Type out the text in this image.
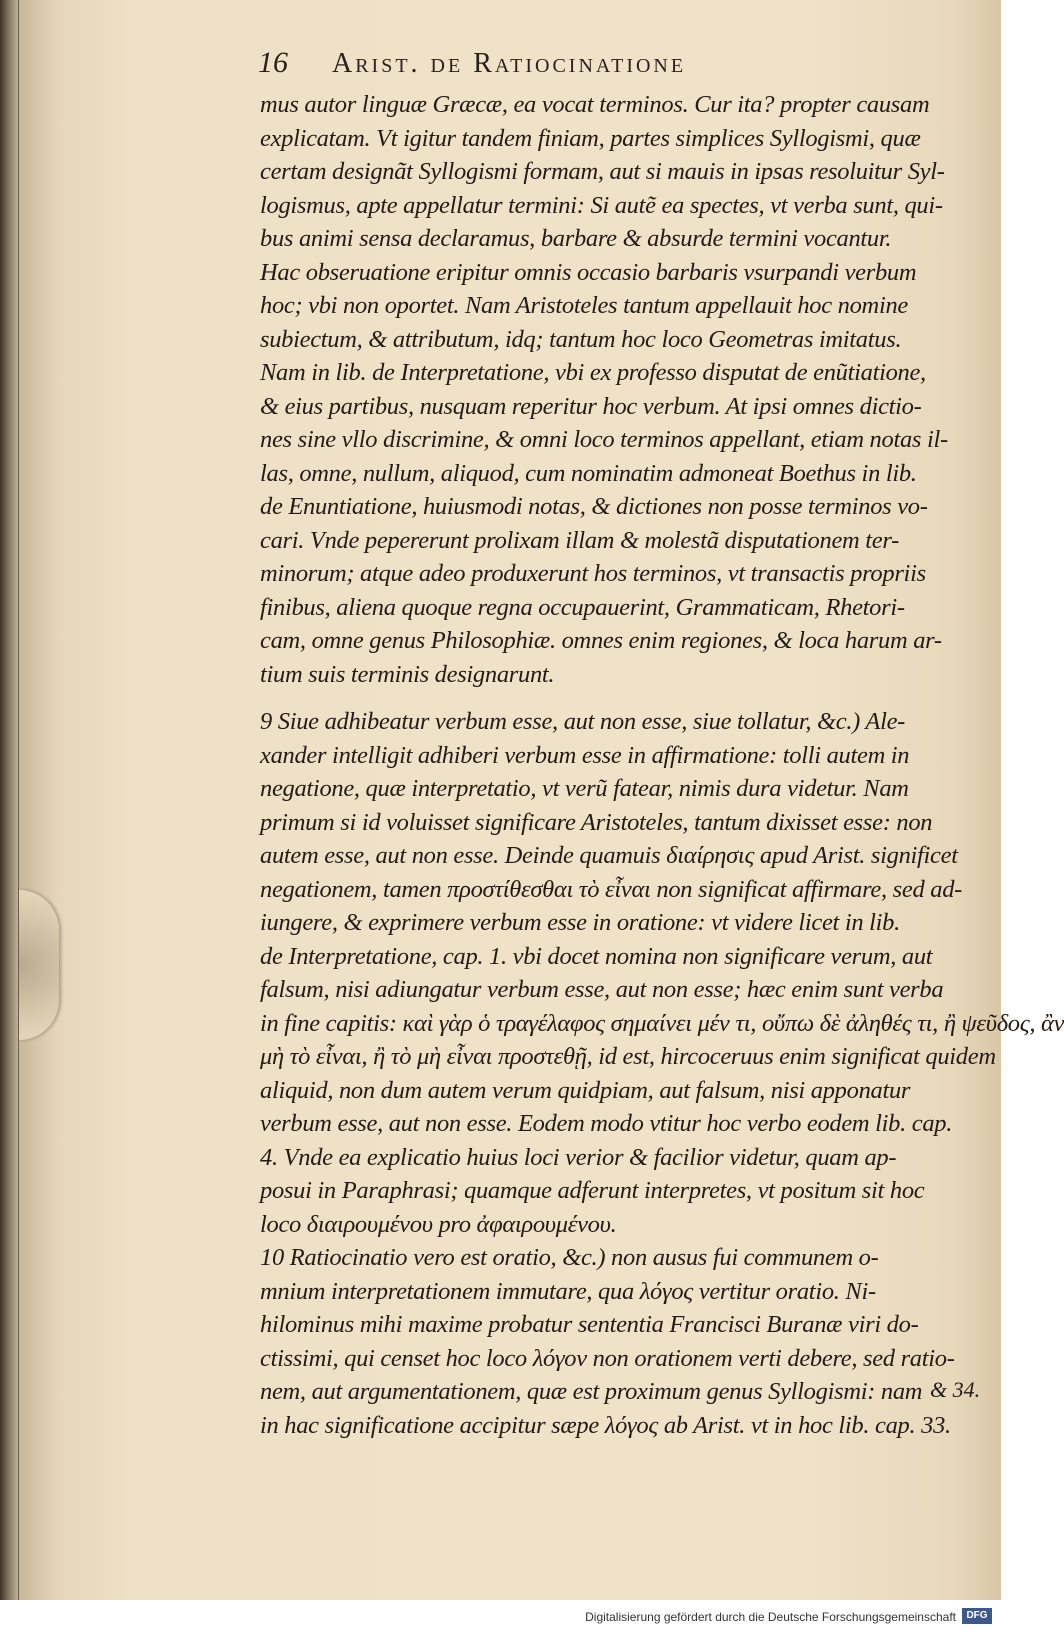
16 Arist. de Ratiocinatione
mus autor linguæ Græcæ, ea vocat terminos. Cur ita? propter causam
explicatam. Vt igitur tandem finiam, partes simplices Syllogismi, quæ
certam designãt Syllogismi formam, aut si mauis in ipsas resoluitur Syl-
logismus, apte appellatur termini: Si autẽ ea spectes, vt verba sunt, qui-
bus animi sensa declaramus, barbare & absurde termini vocantur.
Hac obseruatione eripitur omnis occasio barbaris vsurpandi verbum
hoc; vbi non oportet. Nam Aristoteles tantum appellauit hoc nomine
subiectum, & attributum, idq; tantum hoc loco Geometras imitatus.
Nam in lib. de Interpretatione, vbi ex professo disputat de enũtiatione,
& eius partibus, nusquam reperitur hoc verbum. At ipsi omnes dictio-
nes sine vllo discrimine, & omni loco terminos appellant, etiam notas il-
las, omne, nullum, aliquod, cum nominatim admoneat Boethus in lib.
de Enuntiatione, huiusmodi notas, & dictiones non posse terminos vo-
cari. Vnde pepererunt prolixam illam & molestã disputationem ter-
minorum; atque adeo produxerunt hos terminos, vt transactis propriis
finibus, aliena quoque regna occupauerint, Grammaticam, Rhetori-
cam, omne genus Philosophiæ. omnes enim regiones, & loca harum ar-
tium suis terminis designarunt.
9 Siue adhibeatur verbum esse, aut non esse, siue tollatur, &c.) Ale-
xander intelligit adhiberi verbum esse in affirmatione: tolli autem in
negatione, quæ interpretatio, vt verũ fatear, nimis dura videtur. Nam
primum si id voluisset significare Aristoteles, tantum dixisset esse: non
autem esse, aut non esse. Deinde quamuis διαίρησις apud Arist. significet
negationem, tamen προστίθεσθαι τὸ εἶναι non significat affirmare, sed ad-
iungere, & exprimere verbum esse in oratione: vt videre licet in lib.
de Interpretatione, cap. 1. vbi docet nomina non significare verum, aut
falsum, nisi adiungatur verbum esse, aut non esse; hæc enim sunt verba
in fine capitis: καὶ γὰρ ὁ τραγέλαφος σημαίνει μέν τι, οὔπω δὲ ἀληθές τι, ἢ ψεῦδος, ἂν
μὴ τὸ εἶναι, ἢ τὸ μὴ εἶναι προστεθῇ, id est, hircoceruus enim significat quidem
aliquid, non dum autem verum quidpiam, aut falsum, nisi apponatur
verbum esse, aut non esse. Eodem modo vtitur hoc verbo eodem lib. cap.
4. Vnde ea explicatio huius loci verior & facilior videtur, quam ap-
posui in Paraphrasi; quamque adferunt interpretes, vt positum sit hoc
loco διαιρουμένου pro ἀφαιρουμένου.
10 Ratiocinatio vero est oratio, &c.) non ausus fui communem o-
mnium interpretationem immutare, qua λόγος vertitur oratio. Ni-
hilominus mihi maxime probatur sententia Francisci Buranæ viri do-
ctissimi, qui censet hoc loco λόγον non orationem verti debere, sed ratio-
nem, aut argumentationem, quæ est proximum genus Syllogismi: nam
in hac significatione accipitur sæpe λόγος ab Arist. vt in hoc lib. cap. 33.
& 34.
Digitalisierung gefördert durch die Deutsche Forschungsgemeinschaft	DFG
